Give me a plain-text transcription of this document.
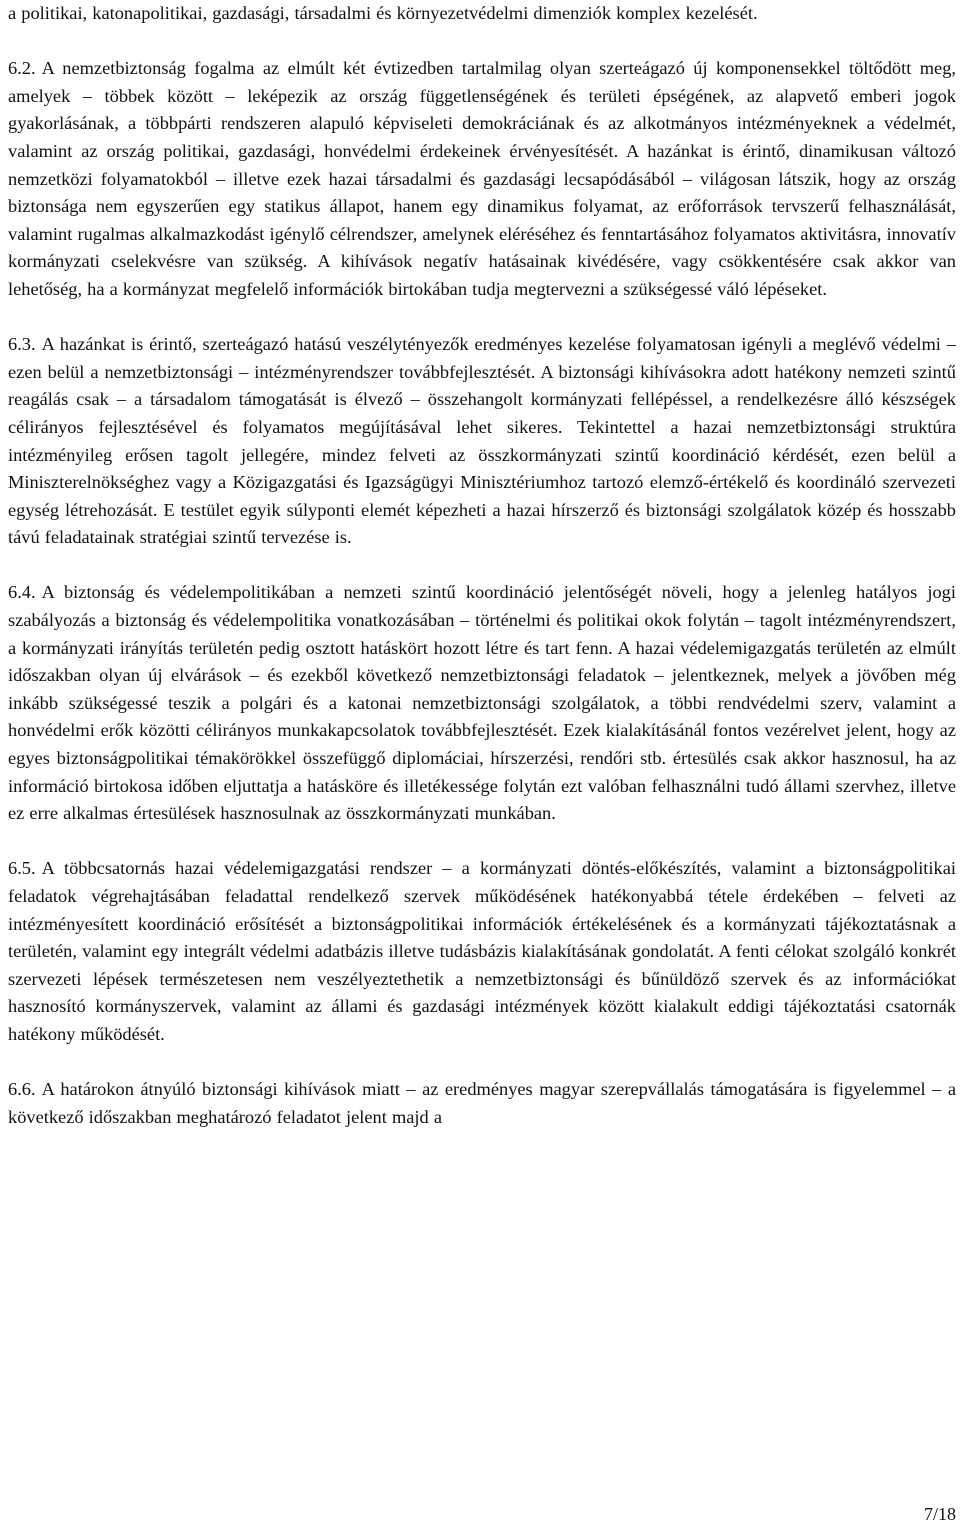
a politikai, katonapolitikai, gazdasági, társadalmi és környezetvédelmi dimenziók komplex kezelését.

6.2. A nemzetbiztonság fogalma az elmúlt két évtizedben tartalmilag olyan szerteágazó új komponensekkel töltődött meg, amelyek – többek között – leképezik az ország függetlenségének és területi épségének, az alapvető emberi jogok gyakorlásának, a többpárti rendszeren alapuló képviseleti demokráciának és az alkotmányos intézményeknek a védelmét, valamint az ország politikai, gazdasági, honvédelmi érdekeinek érvényesítését. A hazánkat is érintő, dinamikusan változó nemzetközi folyamatokból – illetve ezek hazai társadalmi és gazdasági lecsapódásából – világosan látszik, hogy az ország biztonsága nem egyszerűen egy statikus állapot, hanem egy dinamikus folyamat, az erőforrások tervszerű felhasználását, valamint rugalmas alkalmazkodást igénylő célrendszer, amelynek eléréséhez és fenntartásához folyamatos aktivitásra, innovatív kormányzati cselekvésre van szükség. A kihívások negatív hatásainak kivédésére, vagy csökkentésére csak akkor van lehetőség, ha a kormányzat megfelelő információk birtokában tudja megtervezni a szükségessé váló lépéseket.

6.3. A hazánkat is érintő, szerteágazó hatású veszélytényezők eredményes kezelése folyamatosan igényli a meglévő védelmi – ezen belül a nemzetbiztonsági – intézményrendszer továbbfejlesztését. A biztonsági kihívásokra adott hatékony nemzeti szintű reagálás csak – a társadalom támogatását is élvező – összehangolt kormányzati fellépéssel, a rendelkezésre álló készségek célirányos fejlesztésével és folyamatos megújításával lehet sikeres. Tekintettel a hazai nemzetbiztonsági struktúra intézményileg erősen tagolt jellegére, mindez felveti az összkormányzati szintű koordináció kérdését, ezen belül a Miniszterelnökséghez vagy a Közigazgatási és Igazságügyi Minisztériumhoz tartozó elemző-értékelő és koordináló szervezeti egység létrehozását. E testület egyik súlyponti elemét képezheti a hazai hírszerző és biztonsági szolgálatok közép és hosszabb távú feladatainak stratégiai szintű tervezése is.

6.4. A biztonság és védelempolitikában a nemzeti szintű koordináció jelentőségét növeli, hogy a jelenleg hatályos jogi szabályozás a biztonság és védelempolitika vonatkozásában – történelmi és politikai okok folytán – tagolt intézményrendszert, a kormányzati irányítás területén pedig osztott hatáskört hozott létre és tart fenn. A hazai védelemigazgatás területén az elmúlt időszakban olyan új elvárások – és ezekből következő nemzetbiztonsági feladatok – jelentkeznek, melyek a jövőben még inkább szükségessé teszik a polgári és a katonai nemzetbiztonsági szolgálatok, a többi rendvédelmi szerv, valamint a honvédelmi erők közötti célirányos munkakapcsolatok továbbfejlesztését. Ezek kialakításánál fontos vezérelvet jelent, hogy az egyes biztonságpolitikai témakörökkel összefüggő diplomáciai, hírszerzési, rendőri stb. értesülés csak akkor hasznosul, ha az információ birtokosa időben eljuttatja a hatásköre és illetékessége folytán ezt valóban felhasználni tudó állami szervhez, illetve ez erre alkalmas értesülések hasznosulnak az összkormányzati munkában.

6.5. A többcsatornás hazai védelemigazgatási rendszer – a kormányzati döntés-előkészítés, valamint a biztonságpolitikai feladatok végrehajtásában feladattal rendelkező szervek működésének hatékonyabbá tétele érdekében – felveti az intézményesített koordináció erősítését a biztonságpolitikai információk értékelésének és a kormányzati tájékoztatásnak a területén, valamint egy integrált védelmi adatbázis illetve tudásbázis kialakításának gondolatát. A fenti célokat szolgáló konkrét szervezeti lépések természetesen nem veszélyeztethetik a nemzetbiztonsági és bűnüldöző szervek és az információkat hasznosító kormányszervek, valamint az állami és gazdasági intézmények között kialakult eddigi tájékoztatási csatornák hatékony működését.

6.6. A határokon átnyúló biztonsági kihívások miatt – az eredményes magyar szerepvállalás támogatására is figyelemmel – a következő időszakban meghatározó feladatot jelent majd a

7/18
